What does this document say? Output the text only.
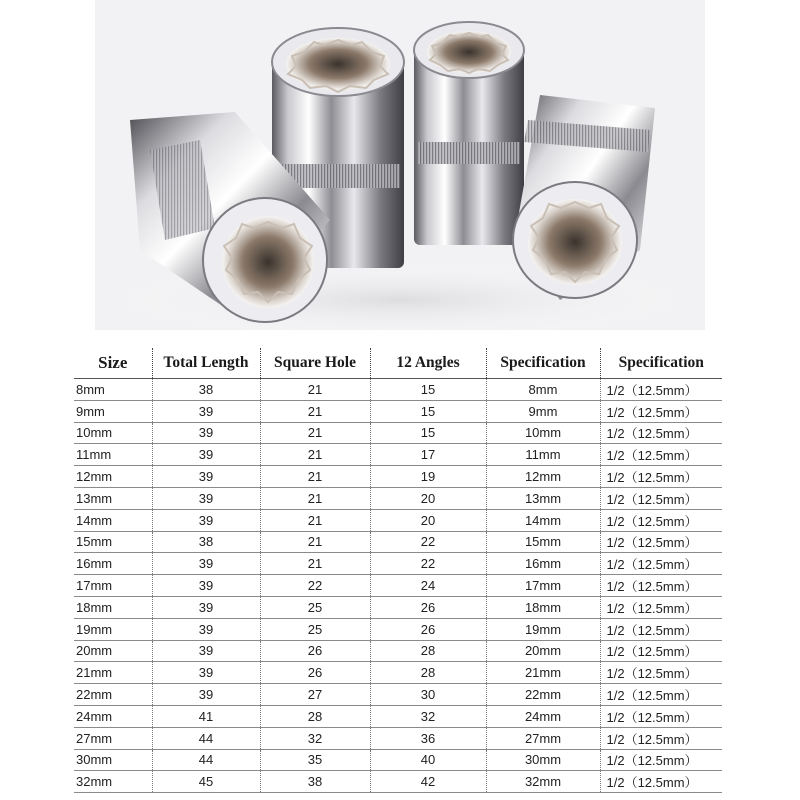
Size	Total Length	Square Hole	12 Angles	Specification	Specification
8mm	38	21	15	8mm	1/2（12.5mm）
9mm	39	21	15	9mm	1/2（12.5mm）
10mm	39	21	15	10mm	1/2（12.5mm）
11mm	39	21	17	11mm	1/2（12.5mm）
12mm	39	21	19	12mm	1/2（12.5mm）
13mm	39	21	20	13mm	1/2（12.5mm）
14mm	39	21	20	14mm	1/2（12.5mm）
15mm	38	21	22	15mm	1/2（12.5mm）
16mm	39	21	22	16mm	1/2（12.5mm）
17mm	39	22	24	17mm	1/2（12.5mm）
18mm	39	25	26	18mm	1/2（12.5mm）
19mm	39	25	26	19mm	1/2（12.5mm）
20mm	39	26	28	20mm	1/2（12.5mm）
21mm	39	26	28	21mm	1/2（12.5mm）
22mm	39	27	30	22mm	1/2（12.5mm）
24mm	41	28	32	24mm	1/2（12.5mm）
27mm	44	32	36	27mm	1/2（12.5mm）
30mm	44	35	40	30mm	1/2（12.5mm）
32mm	45	38	42	32mm	1/2（12.5mm）
